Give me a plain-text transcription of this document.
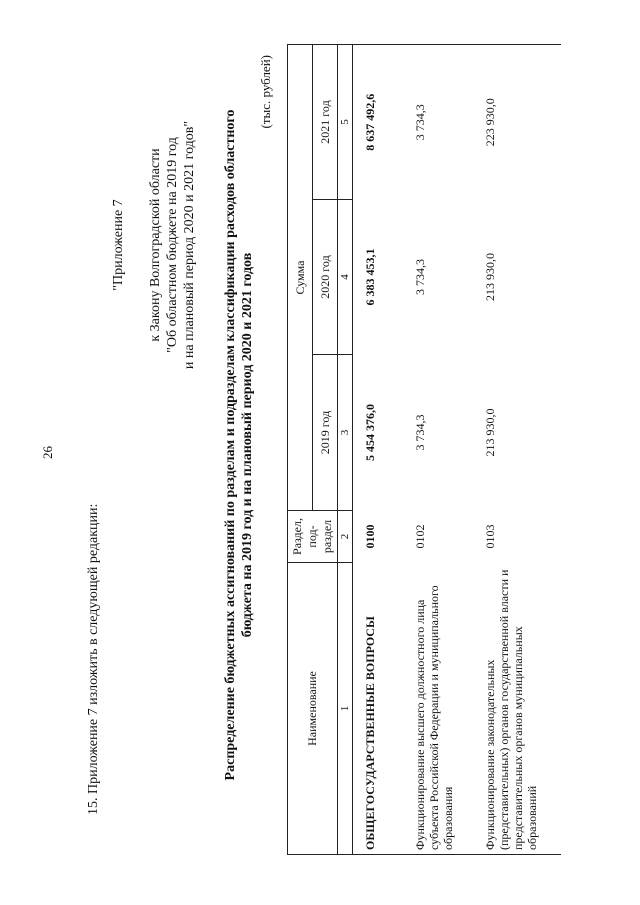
26
15. Приложение 7 изложить в следующей редакции:
"Приложение 7 к Закону Волгоградской области "Об областном бюджете на 2019 год и на плановый период 2020 и 2021 годов" Распределение бюджетных ассигнований по разделам и подразделам классификации расходов областного бюджета на 2019 год и на плановый период 2020 и 2021 годов
(тыс. рублей)
Наименование	Раздел, под-раздел	Сумма		
		2019 год	2020 год	2021 год
1	2	3	4	5
ОБЩЕГОСУДАРСТВЕННЫЕ ВОПРОСЫ	0100	5 454 376,0	6 383 453,1	8 637 492,6
Функционирование высшего должностного лица субъекта Российской Федерации и муниципального образования	0102	3 734,3	3 734,3	3 734,3
Функционирование законодательных (представительных) органов государственной власти и представительных органов муниципальных образований	0103	213 930,0	213 930,0	223 930,0
